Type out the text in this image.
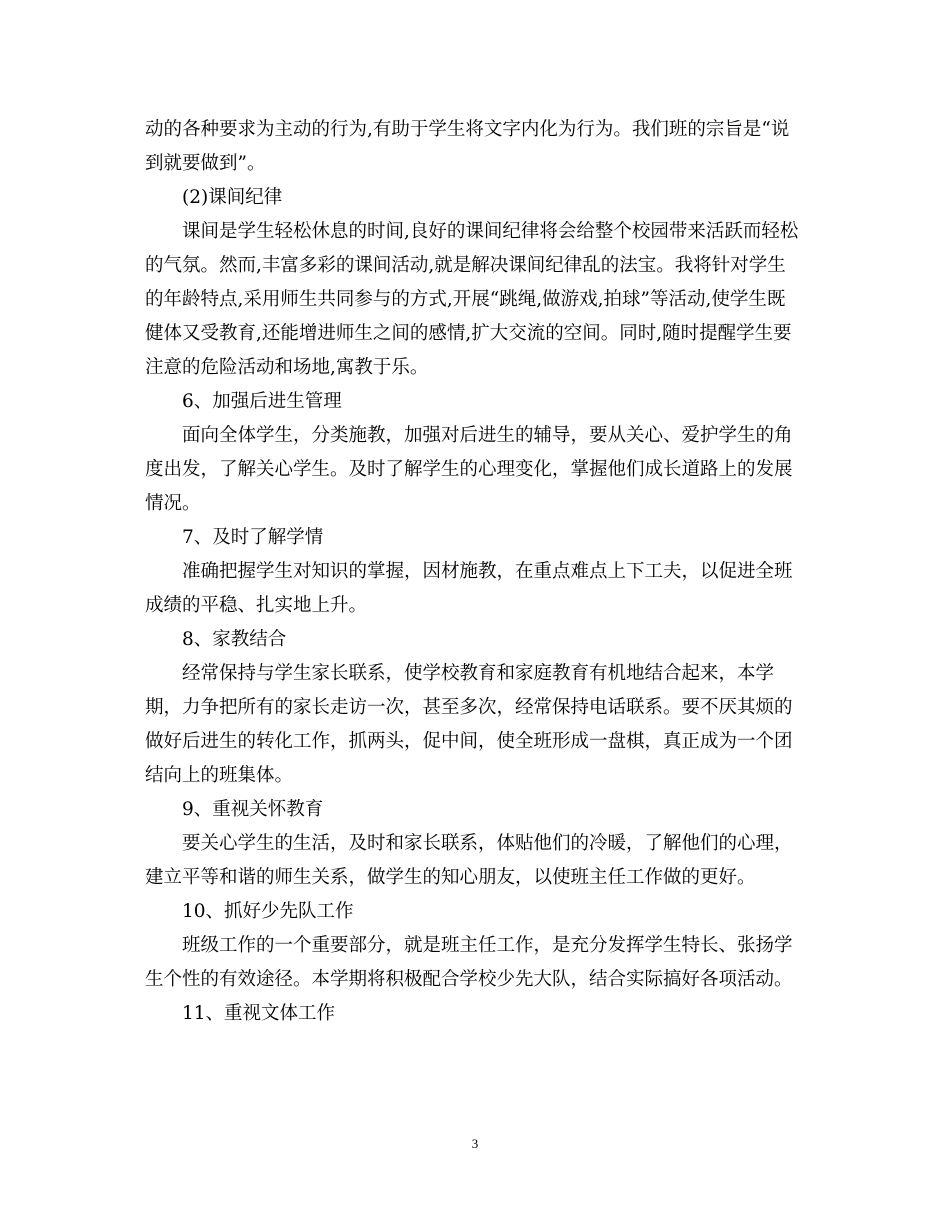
动的各种要求为主动的行为,有助于学生将文字内化为行为。我们班的宗旨是“说
到就要做到”。
(2)课间纪律
课间是学生轻松休息的时间,良好的课间纪律将会给整个校园带来活跃而轻松
的气氛。然而,丰富多彩的课间活动,就是解决课间纪律乱的法宝。我将针对学生
的年龄特点,采用师生共同参与的方式,开展“跳绳,做游戏,拍球”等活动,使学生既
健体又受教育,还能增进师生之间的感情,扩大交流的空间。同时,随时提醒学生要
注意的危险活动和场地,寓教于乐。
6、加强后进生管理
面向全体学生，分类施教，加强对后进生的辅导，要从关心、爱护学生的角
度出发，了解关心学生。及时了解学生的心理变化，掌握他们成长道路上的发展
情况。
7、及时了解学情
准确把握学生对知识的掌握，因材施教，在重点难点上下工夫，以促进全班
成绩的平稳、扎实地上升。
8、家教结合
经常保持与学生家长联系，使学校教育和家庭教育有机地结合起来，本学
期，力争把所有的家长走访一次，甚至多次，经常保持电话联系。要不厌其烦的
做好后进生的转化工作，抓两头，促中间，使全班形成一盘棋，真正成为一个团
结向上的班集体。
9、重视关怀教育
要关心学生的生活，及时和家长联系，体贴他们的冷暖，了解他们的心理，
建立平等和谐的师生关系，做学生的知心朋友，以使班主任工作做的更好。
10、抓好少先队工作
班级工作的一个重要部分，就是班主任工作，是充分发挥学生特长、张扬学
生个性的有效途径。本学期将积极配合学校少先大队，结合实际搞好各项活动。
11、重视文体工作
3
